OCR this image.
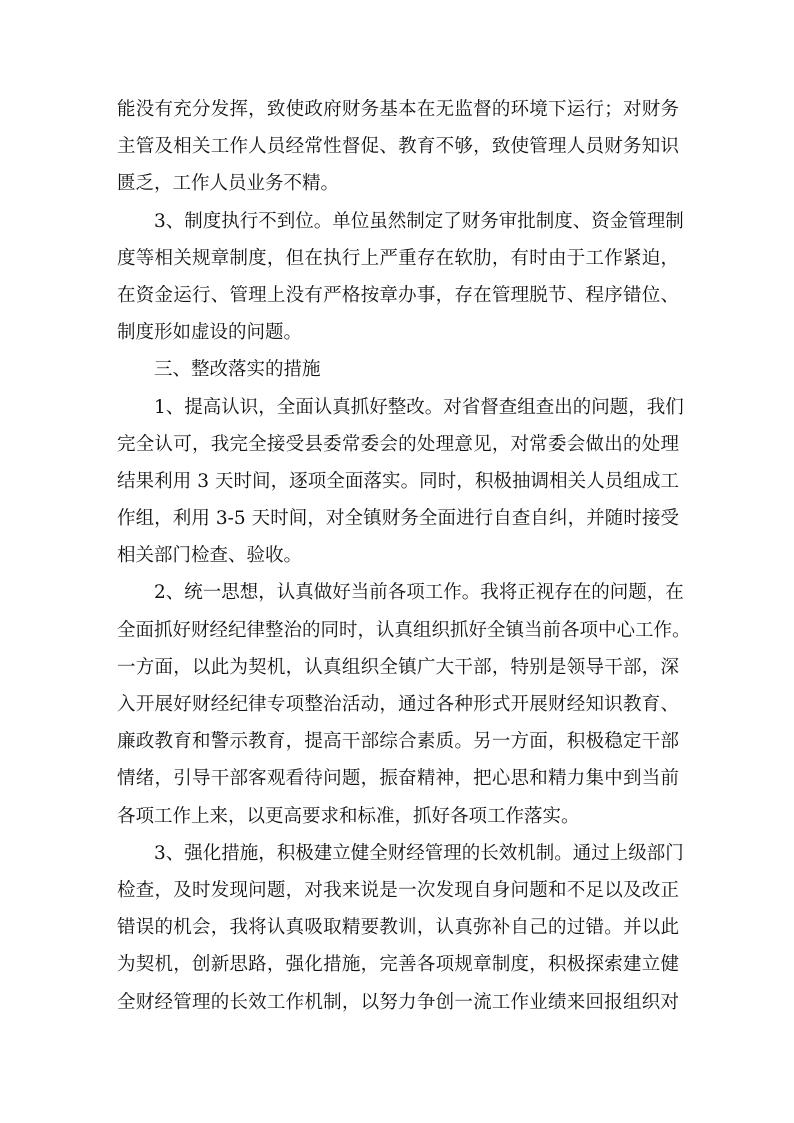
能没有充分发挥，致使政府财务基本在无监督的环境下运行；对财务
主管及相关工作人员经常性督促、教育不够，致使管理人员财务知识
匮乏，工作人员业务不精。
3、制度执行不到位。单位虽然制定了财务审批制度、资金管理制
度等相关规章制度，但在执行上严重存在软肋，有时由于工作紧迫，
在资金运行、管理上没有严格按章办事，存在管理脱节、程序错位、
制度形如虚设的问题。
三、整改落实的措施
1、提高认识，全面认真抓好整改。对省督查组查出的问题，我们
完全认可，我完全接受县委常委会的处理意见，对常委会做出的处理
结果利用 3 天时间，逐项全面落实。同时，积极抽调相关人员组成工
作组，利用 3-5 天时间，对全镇财务全面进行自查自纠，并随时接受
相关部门检查、验收。
2、统一思想，认真做好当前各项工作。我将正视存在的问题，在
全面抓好财经纪律整治的同时，认真组织抓好全镇当前各项中心工作。
一方面，以此为契机，认真组织全镇广大干部，特别是领导干部，深
入开展好财经纪律专项整治活动，通过各种形式开展财经知识教育、
廉政教育和警示教育，提高干部综合素质。另一方面，积极稳定干部
情绪，引导干部客观看待问题，振奋精神，把心思和精力集中到当前
各项工作上来，以更高要求和标准，抓好各项工作落实。
3、强化措施，积极建立健全财经管理的长效机制。通过上级部门
检查，及时发现问题，对我来说是一次发现自身问题和不足以及改正
错误的机会，我将认真吸取精要教训，认真弥补自己的过错。并以此
为契机，创新思路，强化措施，完善各项规章制度，积极探索建立健
全财经管理的长效工作机制，以努力争创一流工作业绩来回报组织对
